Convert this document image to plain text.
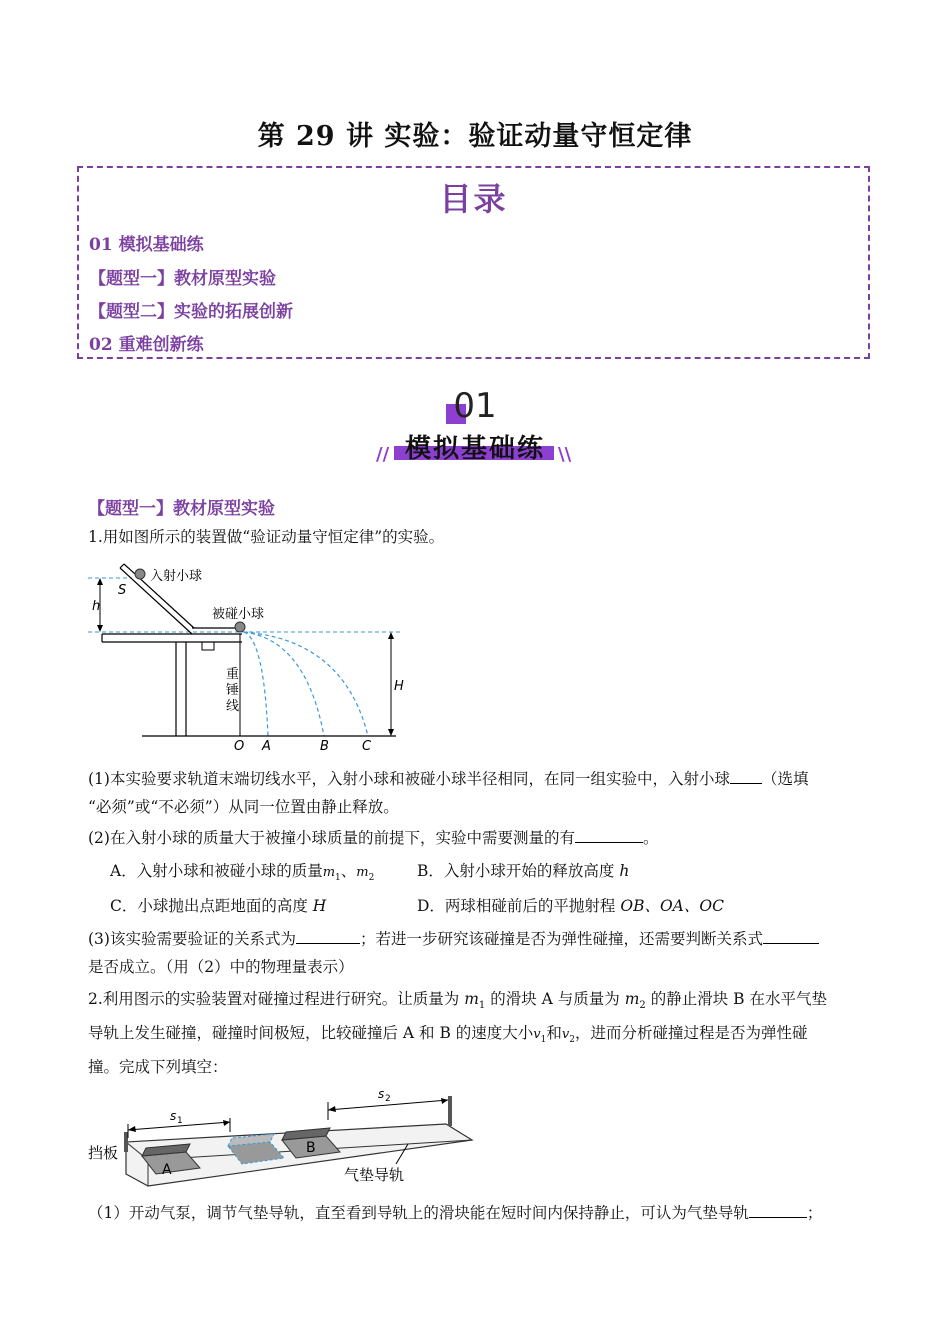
第 29 讲 实验：验证动量守恒定律
目录
01 模拟基础练
【题型一】教材原型实验
【题型二】实验的拓展创新
02 重难创新练
01
模拟基础练
//	\\
【题型一】教材原型实验
1.用如图所示的装置做“验证动量守恒定律”的实验。
h
S
入射小球
被碰小球
重
锤
线
H
O A	B	C
(1)本实验要求轨道末端切线水平，入射小球和被碰小球半径相同，在同一组实验中，入射小球 （选填
“必须”或“不必须”）从同一位置由静止释放。
(2)在入射小球的质量大于被撞小球质量的前提下，实验中需要测量的有	。
A．入射小球和被碰小球的质量$m_1$、$m_2$	B．入射小球开始的释放高度 h
C．小球抛出点距地面的高度 H	D．两球相碰前后的平抛射程 OB、OA、OC
(3)该实验需要验证的关系式为	；若进一步研究该碰撞是否为弹性碰撞，还需要判断关系式
是否成立。（用（2）中的物理量表示）
2.利用图示的实验装置对碰撞过程进行研究。让质量为 $m_1$ 的滑块 A 与质量为 $m_2$ 的静止滑块 B 在水平气垫
导轨上发生碰撞，碰撞时间极短，比较碰撞后 A 和 B 的速度大小$v_1$和$v_2$，进而分析碰撞过程是否为弹性碰
撞。完成下列填空：
挡板
A
B
s 1
s 2
气垫导轨
（1）开动气泵，调节气垫导轨，直至看到导轨上的滑块能在短时间内保持静止，可认为气垫导轨	；
